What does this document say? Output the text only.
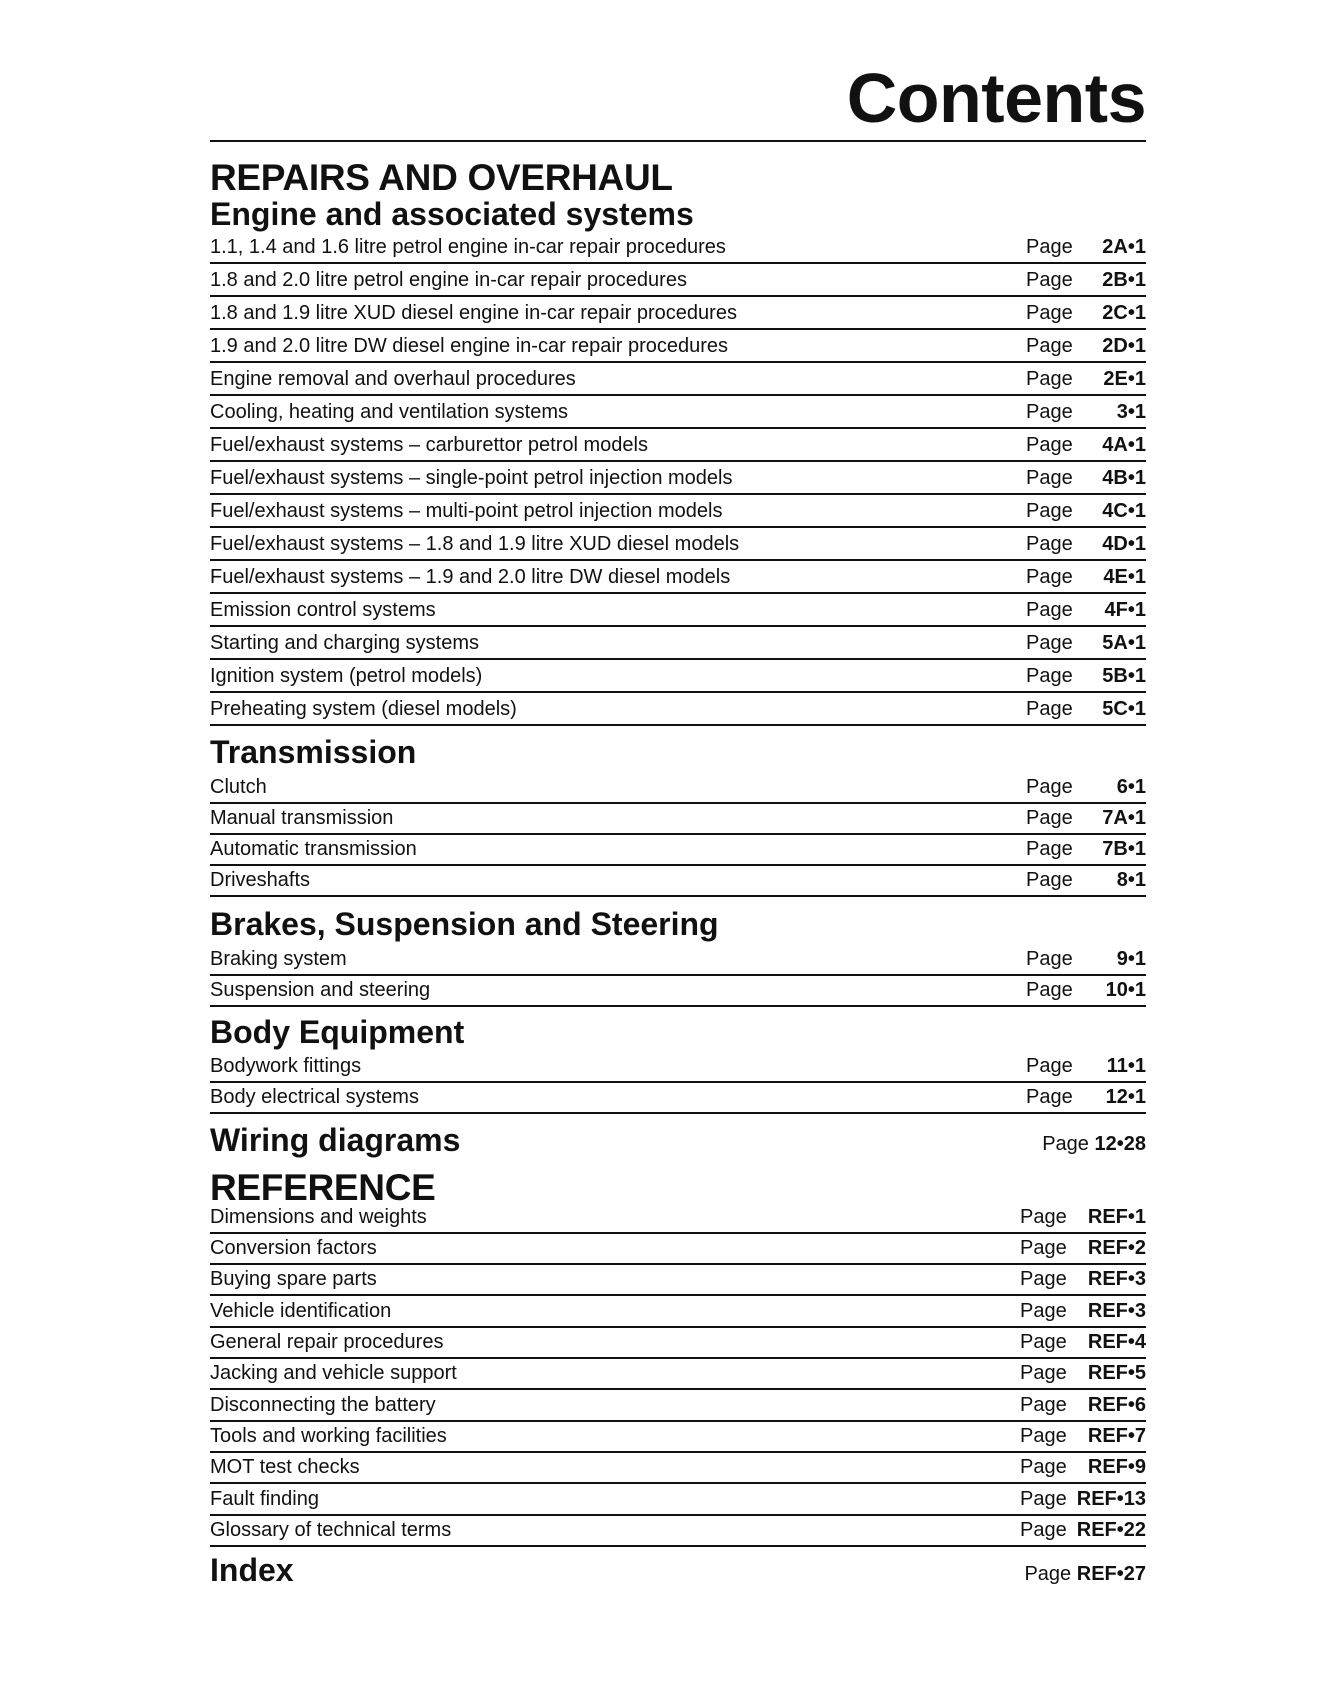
Contents
REPAIRS AND OVERHAUL
Engine and associated systems
1.1, 1.4 and 1.6 litre petrol engine in-car repair procedures	Page	2A•1
1.8 and 2.0 litre petrol engine in-car repair procedures	Page	2B•1
1.8 and 1.9 litre XUD diesel engine in-car repair procedures	Page	2C•1
1.9 and 2.0 litre DW diesel engine in-car repair procedures	Page	2D•1
Engine removal and overhaul procedures	Page	2E•1
Cooling, heating and ventilation systems	Page	3•1
Fuel/exhaust systems – carburettor petrol models	Page	4A•1
Fuel/exhaust systems – single-point petrol injection models	Page	4B•1
Fuel/exhaust systems – multi-point petrol injection models	Page	4C•1
Fuel/exhaust systems – 1.8 and 1.9 litre XUD diesel models	Page	4D•1
Fuel/exhaust systems – 1.9 and 2.0 litre DW diesel models	Page	4E•1
Emission control systems	Page	4F•1
Starting and charging systems	Page	5A•1
Ignition system (petrol models)	Page	5B•1
Preheating system (diesel models)	Page	5C•1
Transmission
Clutch	Page	6•1
Manual transmission	Page	7A•1
Automatic transmission	Page	7B•1
Driveshafts	Page	8•1
Brakes, Suspension and Steering
Braking system	Page	9•1
Suspension and steering	Page	10•1
Body Equipment
Bodywork fittings	Page	11•1
Body electrical systems	Page	12•1
Wiring diagrams	Page 12•28
REFERENCE
Dimensions and weights	Page	REF•1
Conversion factors	Page	REF•2
Buying spare parts	Page	REF•3
Vehicle identification	Page	REF•3
General repair procedures	Page	REF•4
Jacking and vehicle support	Page	REF•5
Disconnecting the battery	Page	REF•6
Tools and working facilities	Page	REF•7
MOT test checks	Page	REF•9
Fault finding	Page REF•13
Glossary of technical terms	Page REF•22
Index	Page REF•27
